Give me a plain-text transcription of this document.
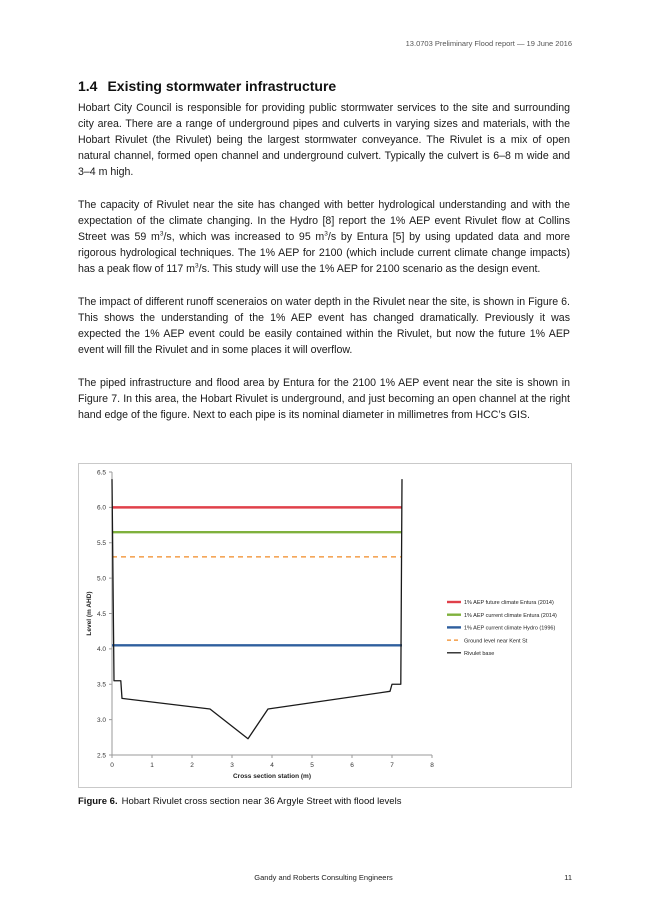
13.0703 Preliminary Flood report — 19 June 2016
1.4 Existing stormwater infrastructure

Hobart City Council is responsible for providing public stormwater services to the site and surrounding city area. There are a range of underground pipes and culverts in varying sizes and materials, with the Hobart Rivulet (the Rivulet) being the largest stormwater conveyance. The Rivulet is a mix of open natural channel, formed open channel and underground culvert. Typically the culvert is 6–8 m wide and 3–4 m high.

The capacity of Rivulet near the site has changed with better hydrological understanding and with the expectation of the climate changing. In the Hydro [8] report the 1% AEP event Rivulet flow at Collins Street was 59 $m^3/s$, which was increased to 95 $m^3/s$ by Entura [5] by using updated data and more rigorous hydrological techniques. The 1% AEP for 2100 (which include current climate change impacts) has a peak flow of 117 $m^3/s$. This study will use the 1% AEP for 2100 scenario as the design event.

The impact of different runoff sceneraios on water depth in the Rivulet near the site, is shown in Figure 6. This shows the understanding of the 1% AEP event has changed dramatically. Previously it was expected the 1% AEP event could be easily contained within the Rivulet, but now the future 1% AEP event will fill the Rivulet and in some places it will overflow.

The piped infrastructure and flood area by Entura for the 2100 1% AEP event near the site is shown in Figure 7. In this area, the Hobart Rivulet is underground, and just becoming an open channel at the right hand edge of the figure. Next to each pipe is its nominal diameter in millimetres from HCC’s GIS.

0	1	2	3	4	5	6	7	8
2.5
3.0
3.5
4.0
4.5
5.0
5.5
6.0
6.5
Cross section station (m)
Level (m AHD)	1% AEP future climate Entura (2014)
1% AEP current climate Entura (2014)
1% AEP current climate Hydro (1996)
Ground level near Kent St
Rivulet base
Figure 6. Hobart Rivulet cross section near 36 Argyle Street with flood levels
Gandy and Roberts Consulting Engineers	11
